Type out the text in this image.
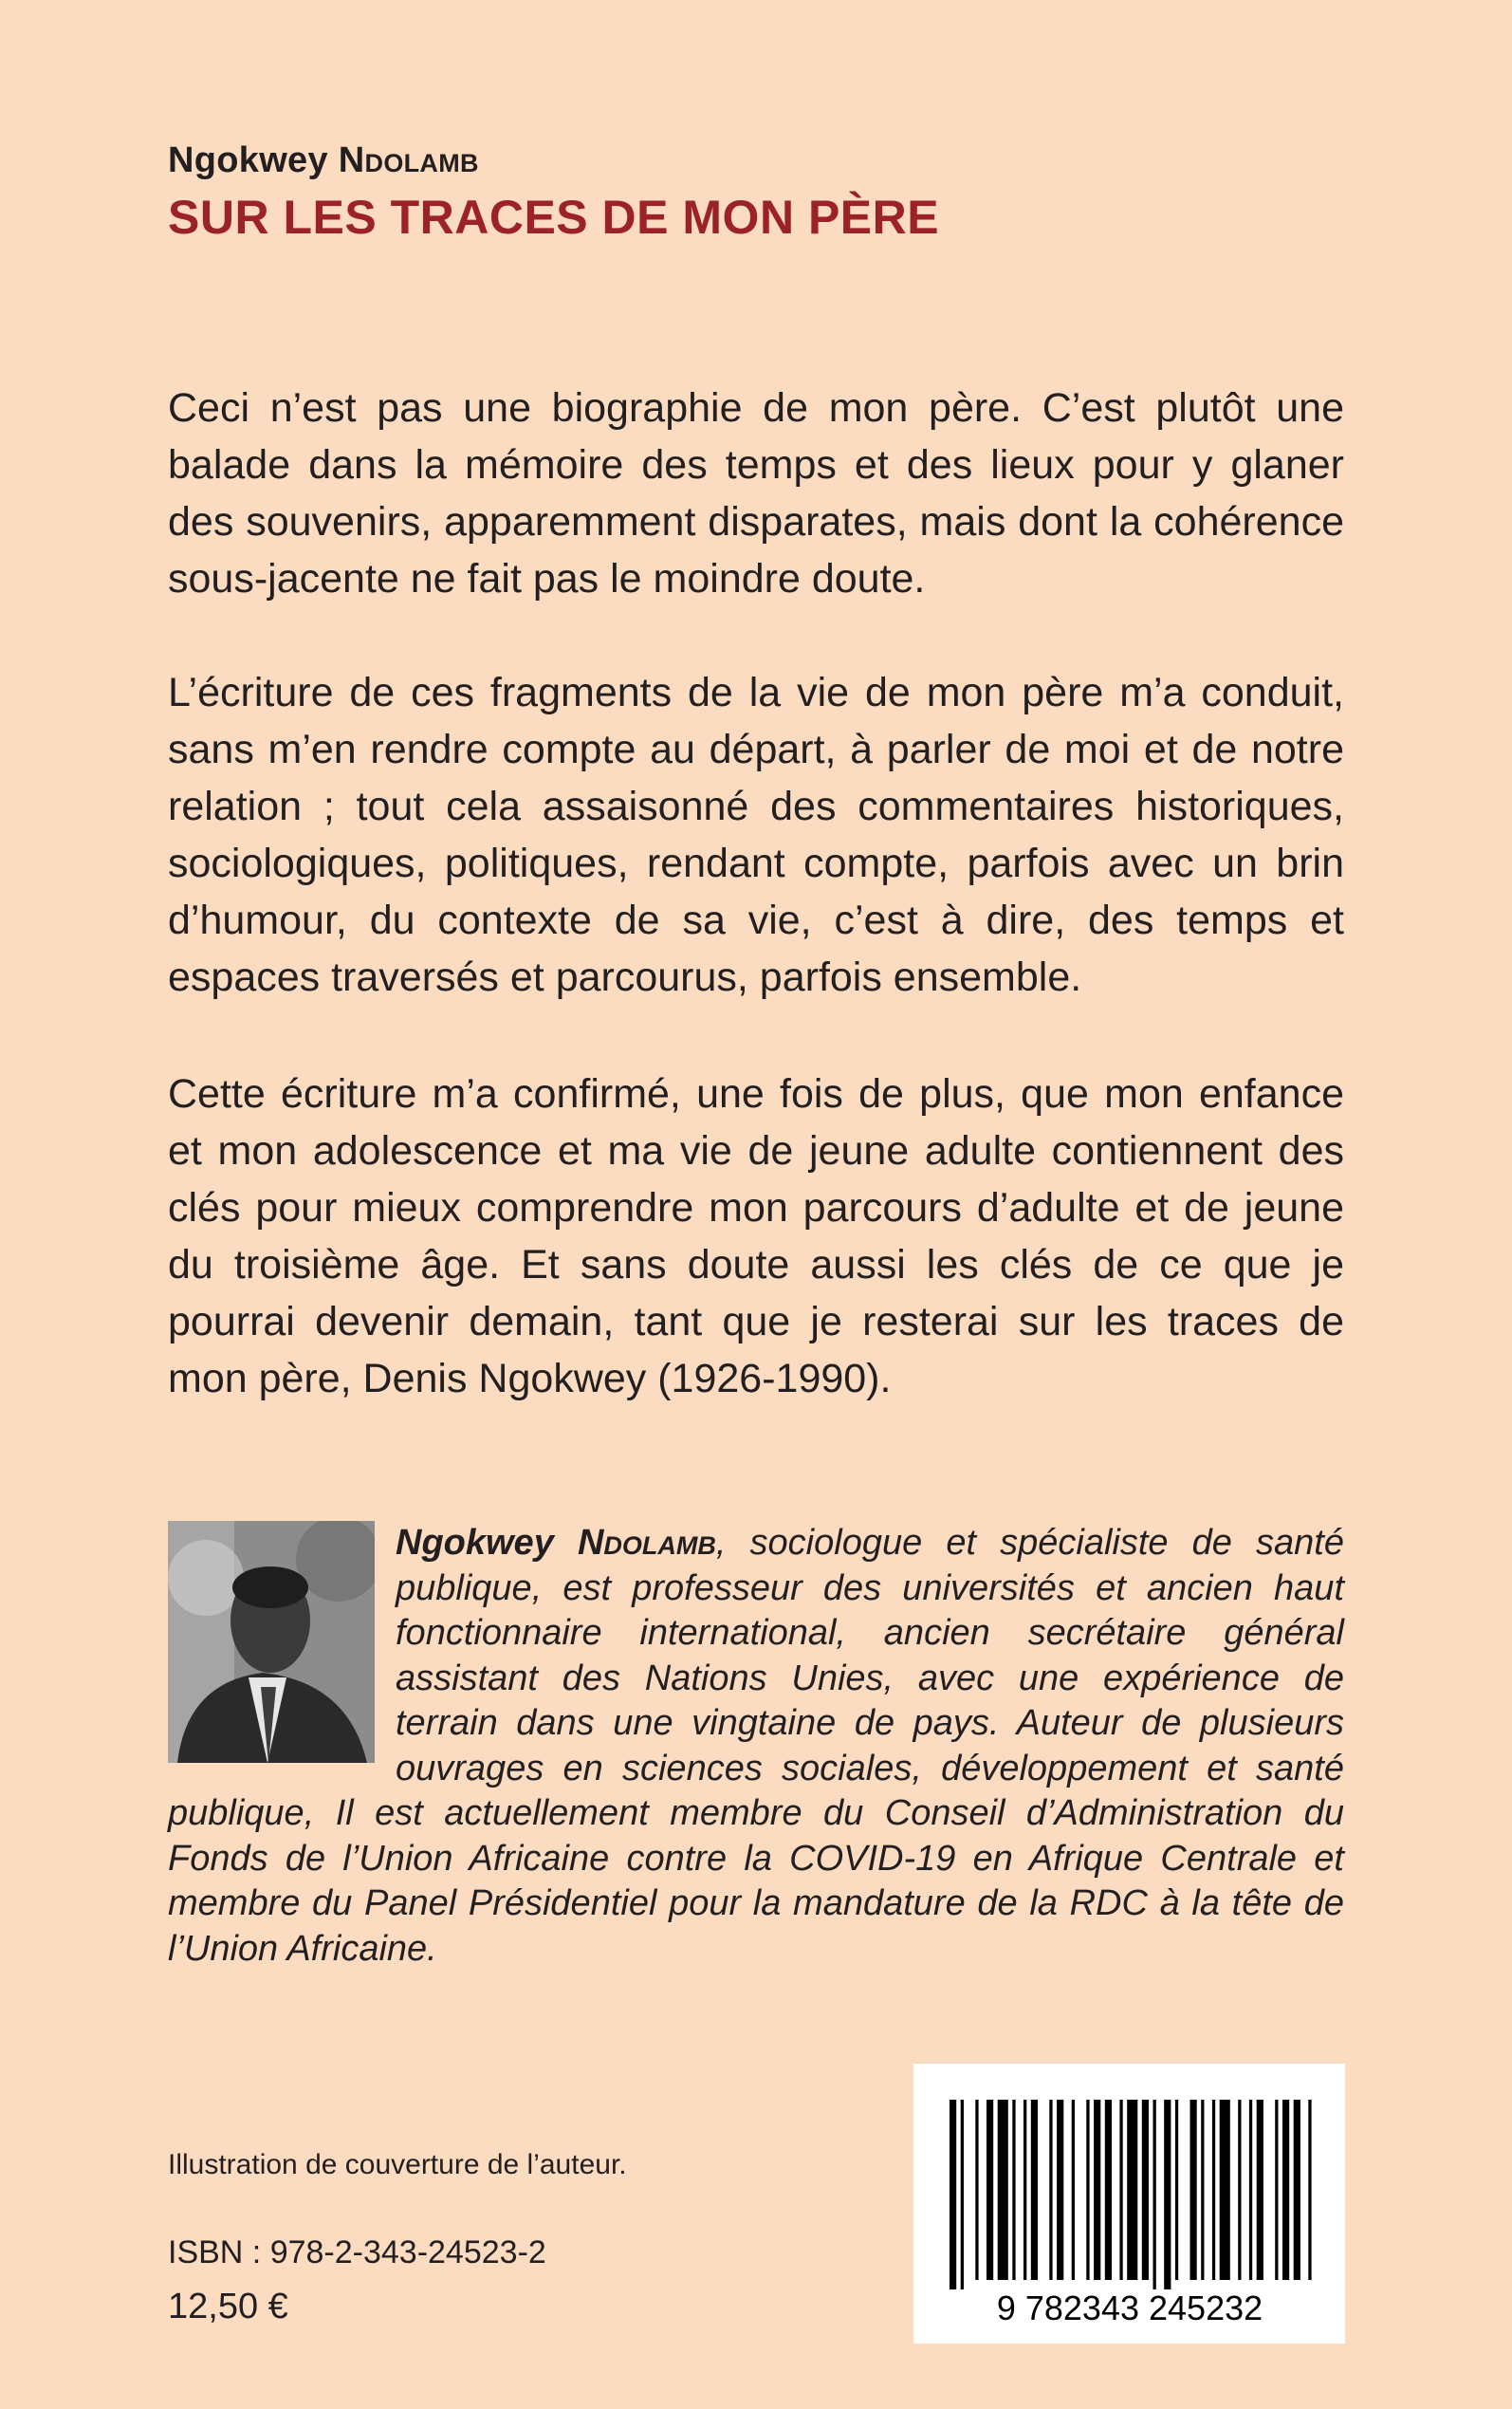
Ngokwey Ndolamb
SUR LES TRACES DE MON PÈRE

Ceci n’est pas une biographie de mon père. C’est plutôt une balade dans la mémoire des temps et des lieux pour y glaner des souvenirs, apparemment disparates, mais dont la cohérence sous-jacente ne fait pas le moindre doute.

L’écriture de ces fragments de la vie de mon père m’a conduit, sans m’en rendre compte au départ, à parler de moi et de notre relation ; tout cela assaisonné des commentaires historiques, sociologiques, politiques, rendant compte, parfois avec un brin d’humour, du contexte de sa vie, c’est à dire, des temps et espaces traversés et parcourus, parfois ensemble.

Cette écriture m’a confirmé, une fois de plus, que mon enfance et mon adolescence et ma vie de jeune adulte contiennent des clés pour mieux comprendre mon parcours d’adulte et de jeune du troisième âge. Et sans doute aussi les clés de ce que je pourrai devenir demain, tant que je resterai sur les traces de mon père, Denis Ngokwey (1926-1990).

Ngokwey Ndolamb, sociologue et spécialiste de santé publique, est professeur des universités et ancien haut fonctionnaire international, ancien secrétaire général assistant des Nations Unies, avec une expérience de terrain dans une vingtaine de pays. Auteur de plusieurs ouvrages en sciences sociales, développement et santé publique, Il est actuellement membre du Conseil d’Administration du Fonds de l’Union Africaine contre la COVID-19 en Afrique Centrale et membre du Panel Présidentiel pour la mandature de la RDC à la tête de l’Union Africaine.
Illustration de couverture de l’auteur.
ISBN : 978-2-343-24523-2
12,50 €	9 782343 245232
